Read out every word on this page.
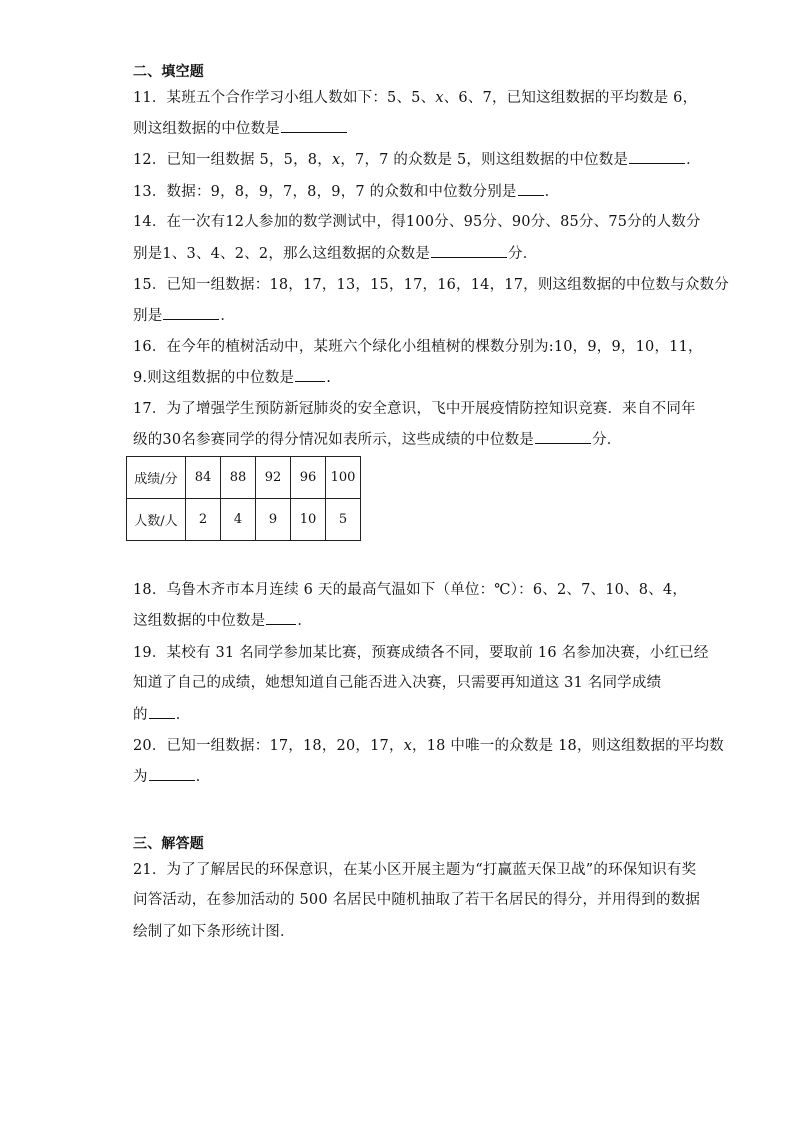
二、填空题
11．某班五个合作学习小组人数如下：5、5、x、6、7，已知这组数据的平均数是 6，
则这组数据的中位数是
12．已知一组数据 5，5，8，x，7，7 的众数是 5，则这组数据的中位数是	．
13．数据：9，8，9，7，8，9，7 的众数和中位数分别是 ．
14．在一次有12人参加的数学测试中，得100分、95分、90分、85分、75分的人数分
别是1、3、4、2、2，那么这组数据的众数是	分．
15．已知一组数据：18，17，13，15，17，16，14，17，则这组数据的中位数与众数分
别是	．
16．在今年的植树活动中，某班六个绿化小组植树的棵数分别为:10，9，9，10，11，
9.则这组数据的中位数是 .
17．为了增强学生预防新冠肺炎的安全意识，飞中开展疫情防控知识竞赛．来自不同年
级的30名参赛同学的得分情况如表所示，这些成绩的中位数是	分．
成绩/分	84	88	92	96	100
人数/人	2	4	9	10	5
18．乌鲁木齐市本月连续 6 天的最高气温如下（单位：℃）：6、2、7、10、8、4，
这组数据的中位数是 ．
19．某校有 31 名同学参加某比赛，预赛成绩各不同，要取前 16 名参加决赛，小红已经
知道了自己的成绩，她想知道自己能否进入决赛，只需要再知道这 31 名同学成绩
的 ．
20．已知一组数据：17，18，20，17，x，18 中唯一的众数是 18，则这组数据的平均数
为	．
三、解答题
21．为了了解居民的环保意识，在某小区开展主题为“打赢蓝天保卫战”的环保知识有奖
问答活动，在参加活动的 500 名居民中随机抽取了若干名居民的得分，并用得到的数据
绘制了如下条形统计图．
